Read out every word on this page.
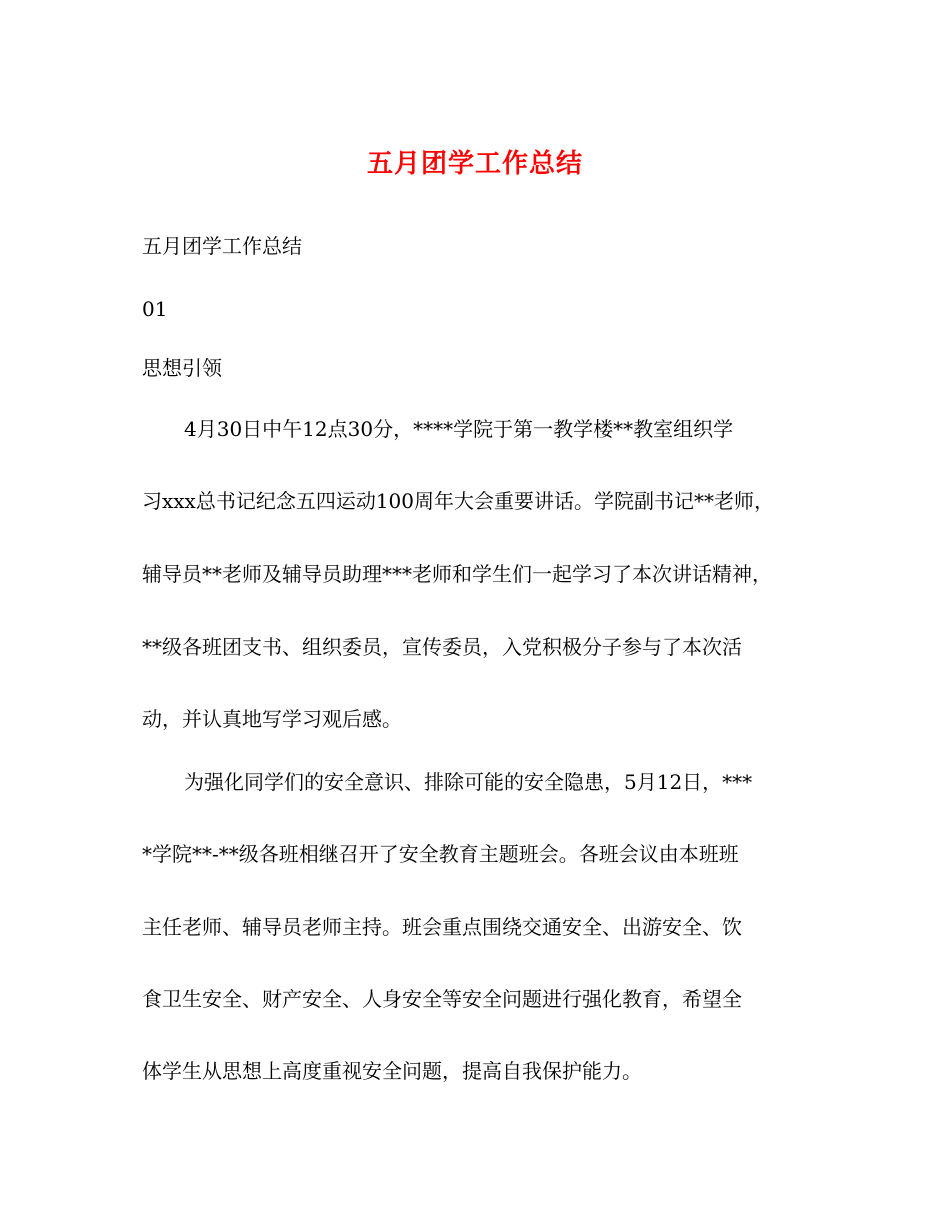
五月团学工作总结
五月团学工作总结
01
思想引领
4月30日中午12点30分，****学院于第一教学楼**教室组织学
习xxx总书记纪念五四运动100周年大会重要讲话。学院副书记**老师，
辅导员**老师及辅导员助理***老师和学生们一起学习了本次讲话精神，
**级各班团支书、组织委员，宣传委员，入党积极分子参与了本次活
动，并认真地写学习观后感。
为强化同学们的安全意识、排除可能的安全隐患，5月12日，***
*学院**-**级各班相继召开了安全教育主题班会。各班会议由本班班
主任老师、辅导员老师主持。班会重点围绕交通安全、出游安全、饮
食卫生安全、财产安全、人身安全等安全问题进行强化教育，希望全
体学生从思想上高度重视安全问题，提高自我保护能力。
